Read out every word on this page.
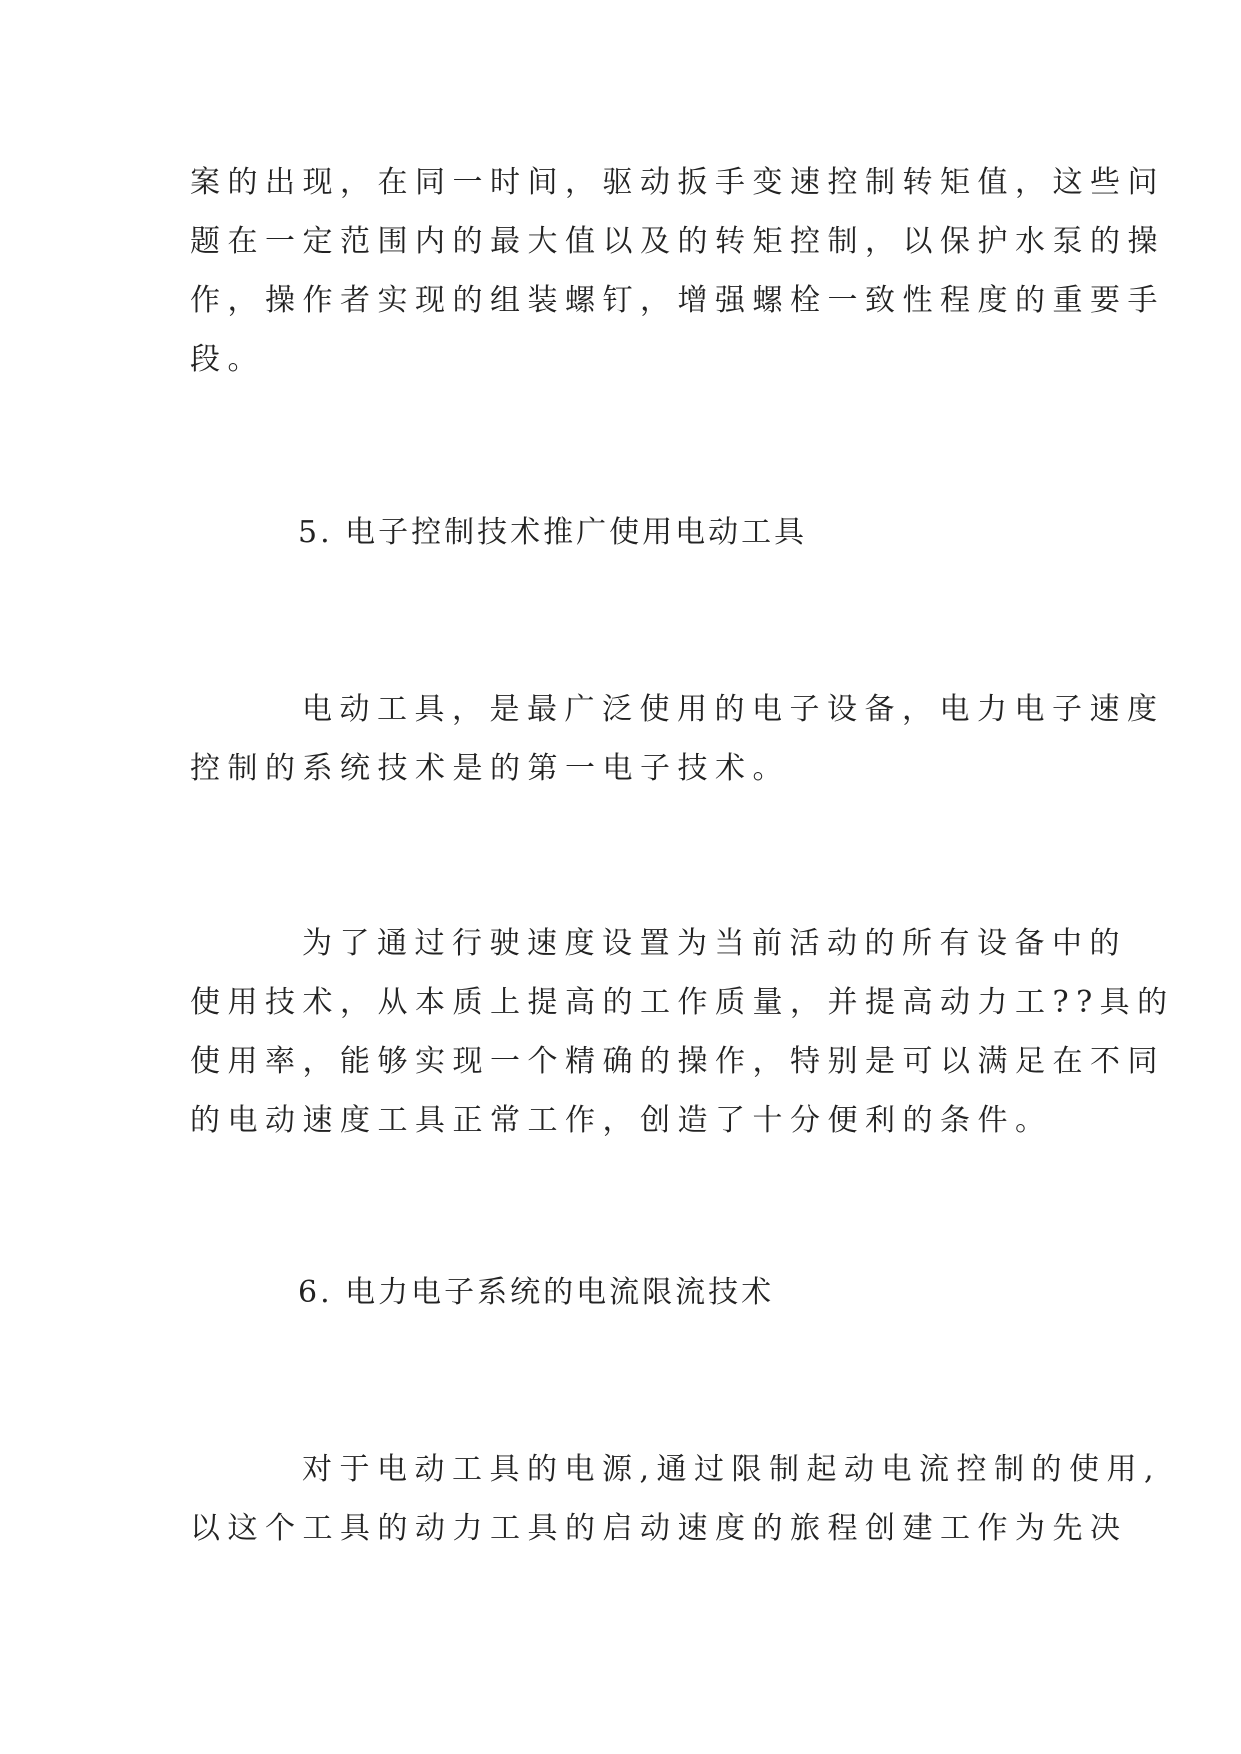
案的出现，在同一时间，驱动扳手变速控制转矩值，这些问
题在一定范围内的最大值以及的转矩控制，以保护水泵的操
作，操作者实现的组装螺钉，增强螺栓一致性程度的重要手
段。
5. 电子控制技术推广使用电动工具
电动工具，是最广泛使用的电子设备，电力电子速度
控制的系统技术是的第一电子技术。
为了通过行驶速度设置为当前活动的所有设备中的
使用技术，从本质上提高的工作质量，并提高动力工??具的
使用率，能够实现一个精确的操作，特别是可以满足在不同
的电动速度工具正常工作，创造了十分便利的条件。
6. 电力电子系统的电流限流技术
对于电动工具的电源,通过限制起动电流控制的使用,
以这个工具的动力工具的启动速度的旅程创建工作为先决
